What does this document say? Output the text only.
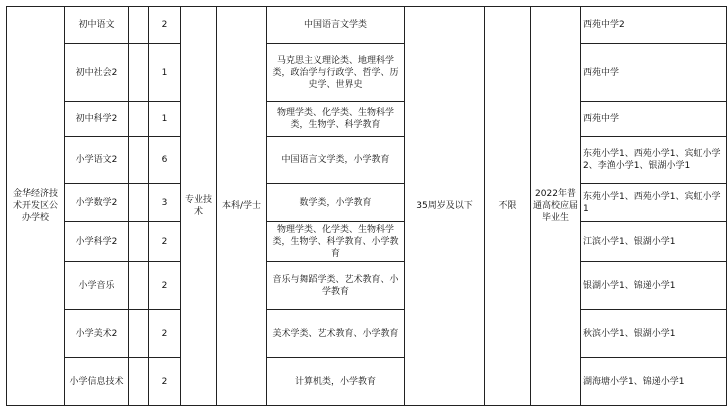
金华经济技术开发区公办学校	初中语文		2	专业技术	本科/学士	中国语言文学类	35周岁及以下	不限	2022年普通高校应届毕业生	西苑中学2
	初中社会2		1			马克思主义理论类、地理科学类，政治学与行政学、哲学、历史学、世界史				西苑中学
	初中科学2		1			物理学类、化学类、生物科学类，生物学、科学教育				西苑中学
	小学语文2		6			中国语言文学类，小学教育				东苑小学1、西苑小学1、宾虹小学2、李渔小学1、银湖小学1
	小学数学2		3			数学类，小学教育				东苑小学1、西苑小学1、宾虹小学1
	小学科学2		2			物理学类、化学类、生物科学类，生物学、科学教育、小学教育				江滨小学1、银湖小学1
	小学音乐		2			音乐与舞蹈学类、艺术教育、小学教育				银湖小学1、锦递小学1
	小学美术2		2			美术学类、艺术教育、小学教育				秋滨小学1、银湖小学1
	小学信息技术		2			计算机类，小学教育				湖海塘小学1、锦递小学1
